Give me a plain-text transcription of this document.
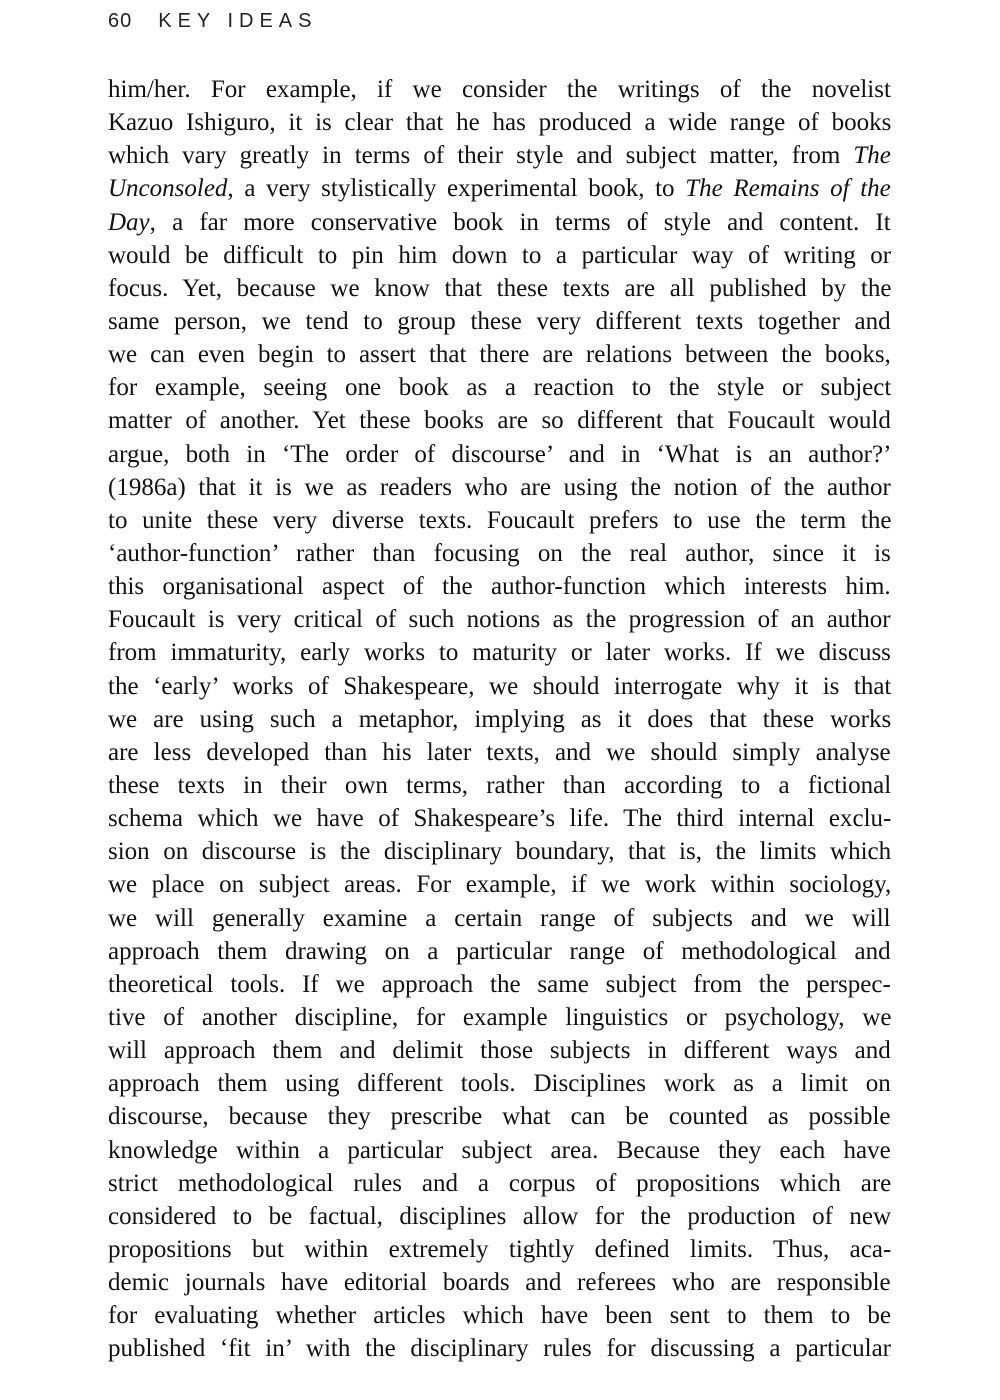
60 KEY IDEAS
him/her. For example, if we consider the writings of the novelist
Kazuo Ishiguro, it is clear that he has produced a wide range of books
which vary greatly in terms of their style and subject matter, from The
Unconsoled, a very stylistically experimental book, to The Remains of the
Day, a far more conservative book in terms of style and content. It
would be difficult to pin him down to a particular way of writing or
focus. Yet, because we know that these texts are all published by the
same person, we tend to group these very different texts together and
we can even begin to assert that there are relations between the books,
for example, seeing one book as a reaction to the style or subject
matter of another. Yet these books are so different that Foucault would
argue, both in ‘The order of discourse’ and in ‘What is an author?’
(1986a) that it is we as readers who are using the notion of the author
to unite these very diverse texts. Foucault prefers to use the term the
‘author-function’ rather than focusing on the real author, since it is
this organisational aspect of the author-function which interests him.
Foucault is very critical of such notions as the progression of an author
from immaturity, early works to maturity or later works. If we discuss
the ‘early’ works of Shakespeare, we should interrogate why it is that
we are using such a metaphor, implying as it does that these works
are less developed than his later texts, and we should simply analyse
these texts in their own terms, rather than according to a fictional
schema which we have of Shakespeare’s life. The third internal exclu-
sion on discourse is the disciplinary boundary, that is, the limits which
we place on subject areas. For example, if we work within sociology,
we will generally examine a certain range of subjects and we will
approach them drawing on a particular range of methodological and
theoretical tools. If we approach the same subject from the perspec-
tive of another discipline, for example linguistics or psychology, we
will approach them and delimit those subjects in different ways and
approach them using different tools. Disciplines work as a limit on
discourse, because they prescribe what can be counted as possible
knowledge within a particular subject area. Because they each have
strict methodological rules and a corpus of propositions which are
considered to be factual, disciplines allow for the production of new
propositions but within extremely tightly defined limits. Thus, aca-
demic journals have editorial boards and referees who are responsible
for evaluating whether articles which have been sent to them to be
published ‘fit in’ with the disciplinary rules for discussing a particular
